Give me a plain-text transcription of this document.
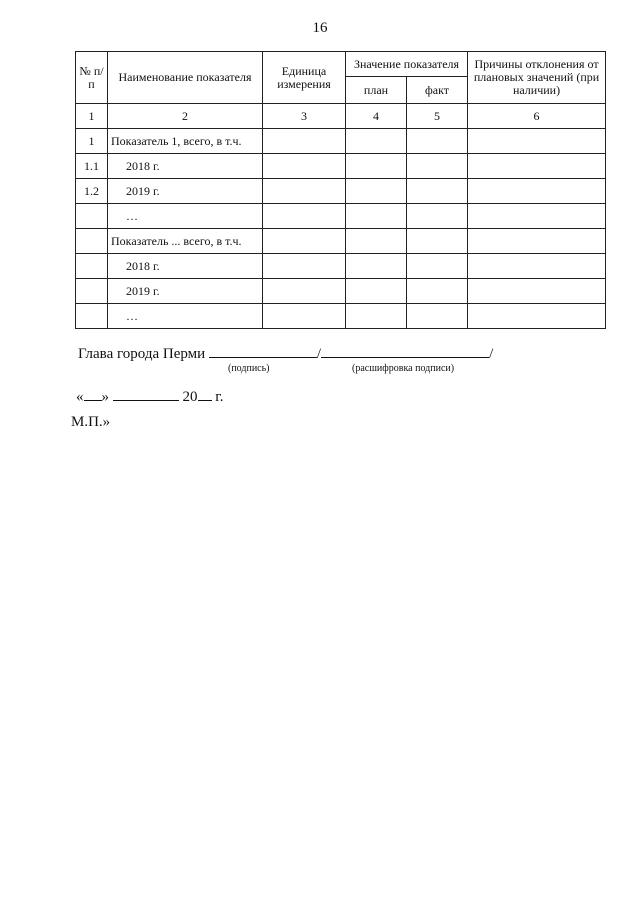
16
№ п/п	Наименование показателя	Единица измерения	Значение показателя		Причины отклонения от плановых значений (при наличии)
			план	факт	
1	2	3	4	5	6
1	Показатель 1, всего, в т.ч.				
1.1	2018 г.				
1.2	2019 г.				
	…				
	Показатель ... всего, в т.ч.				
	2018 г.				
	2019 г.				
	…				
Глава города Перми	/	/
(подпись)	(расшифровка подписи)
« »	20 г.
М.П.»
